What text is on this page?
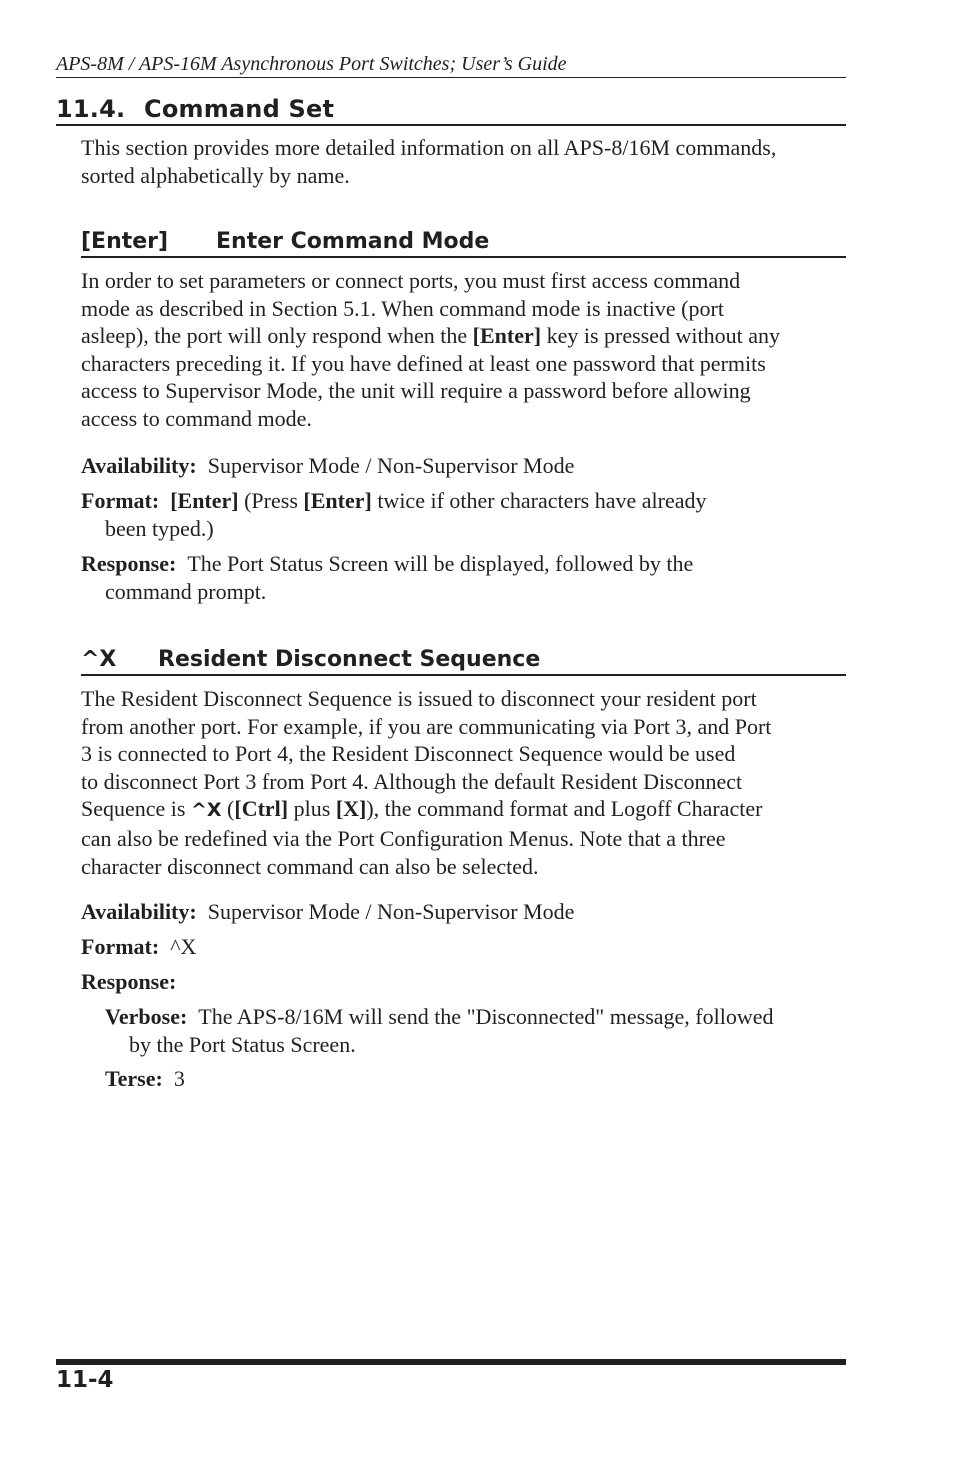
APS-8M / APS-16M Asynchronous Port Switches; User’s Guide
11.4. Command Set
This section provides more detailed information on all APS-8/16M commands,
sorted alphabetically by name.
[Enter] Enter Command Mode
In order to set parameters or connect ports, you must first access command
mode as described in Section 5.1. When command mode is inactive (port
asleep), the port will only respond when the [Enter] key is pressed without any
characters preceding it. If you have defined at least one password that permits
access to Supervisor Mode, the unit will require a password before allowing
access to command mode.
Availability: Supervisor Mode / Non-Supervisor Mode
Format: [Enter] (Press [Enter] twice if other characters have already
been typed.)
Response: The Port Status Screen will be displayed, followed by the
command prompt.
^X Resident Disconnect Sequence
The Resident Disconnect Sequence is issued to disconnect your resident port
from another port. For example, if you are communicating via Port 3, and Port
3 is connected to Port 4, the Resident Disconnect Sequence would be used
to disconnect Port 3 from Port 4. Although the default Resident Disconnect
Sequence is ^X ([Ctrl] plus [X]), the command format and Logoff Character
can also be redefined via the Port Configuration Menus. Note that a three
character disconnect command can also be selected.
Availability: Supervisor Mode / Non-Supervisor Mode
Format: ^X
Response:
Verbose: The APS-8/16M will send the "Disconnected" message, followed
by the Port Status Screen.
Terse: 3
11-4
